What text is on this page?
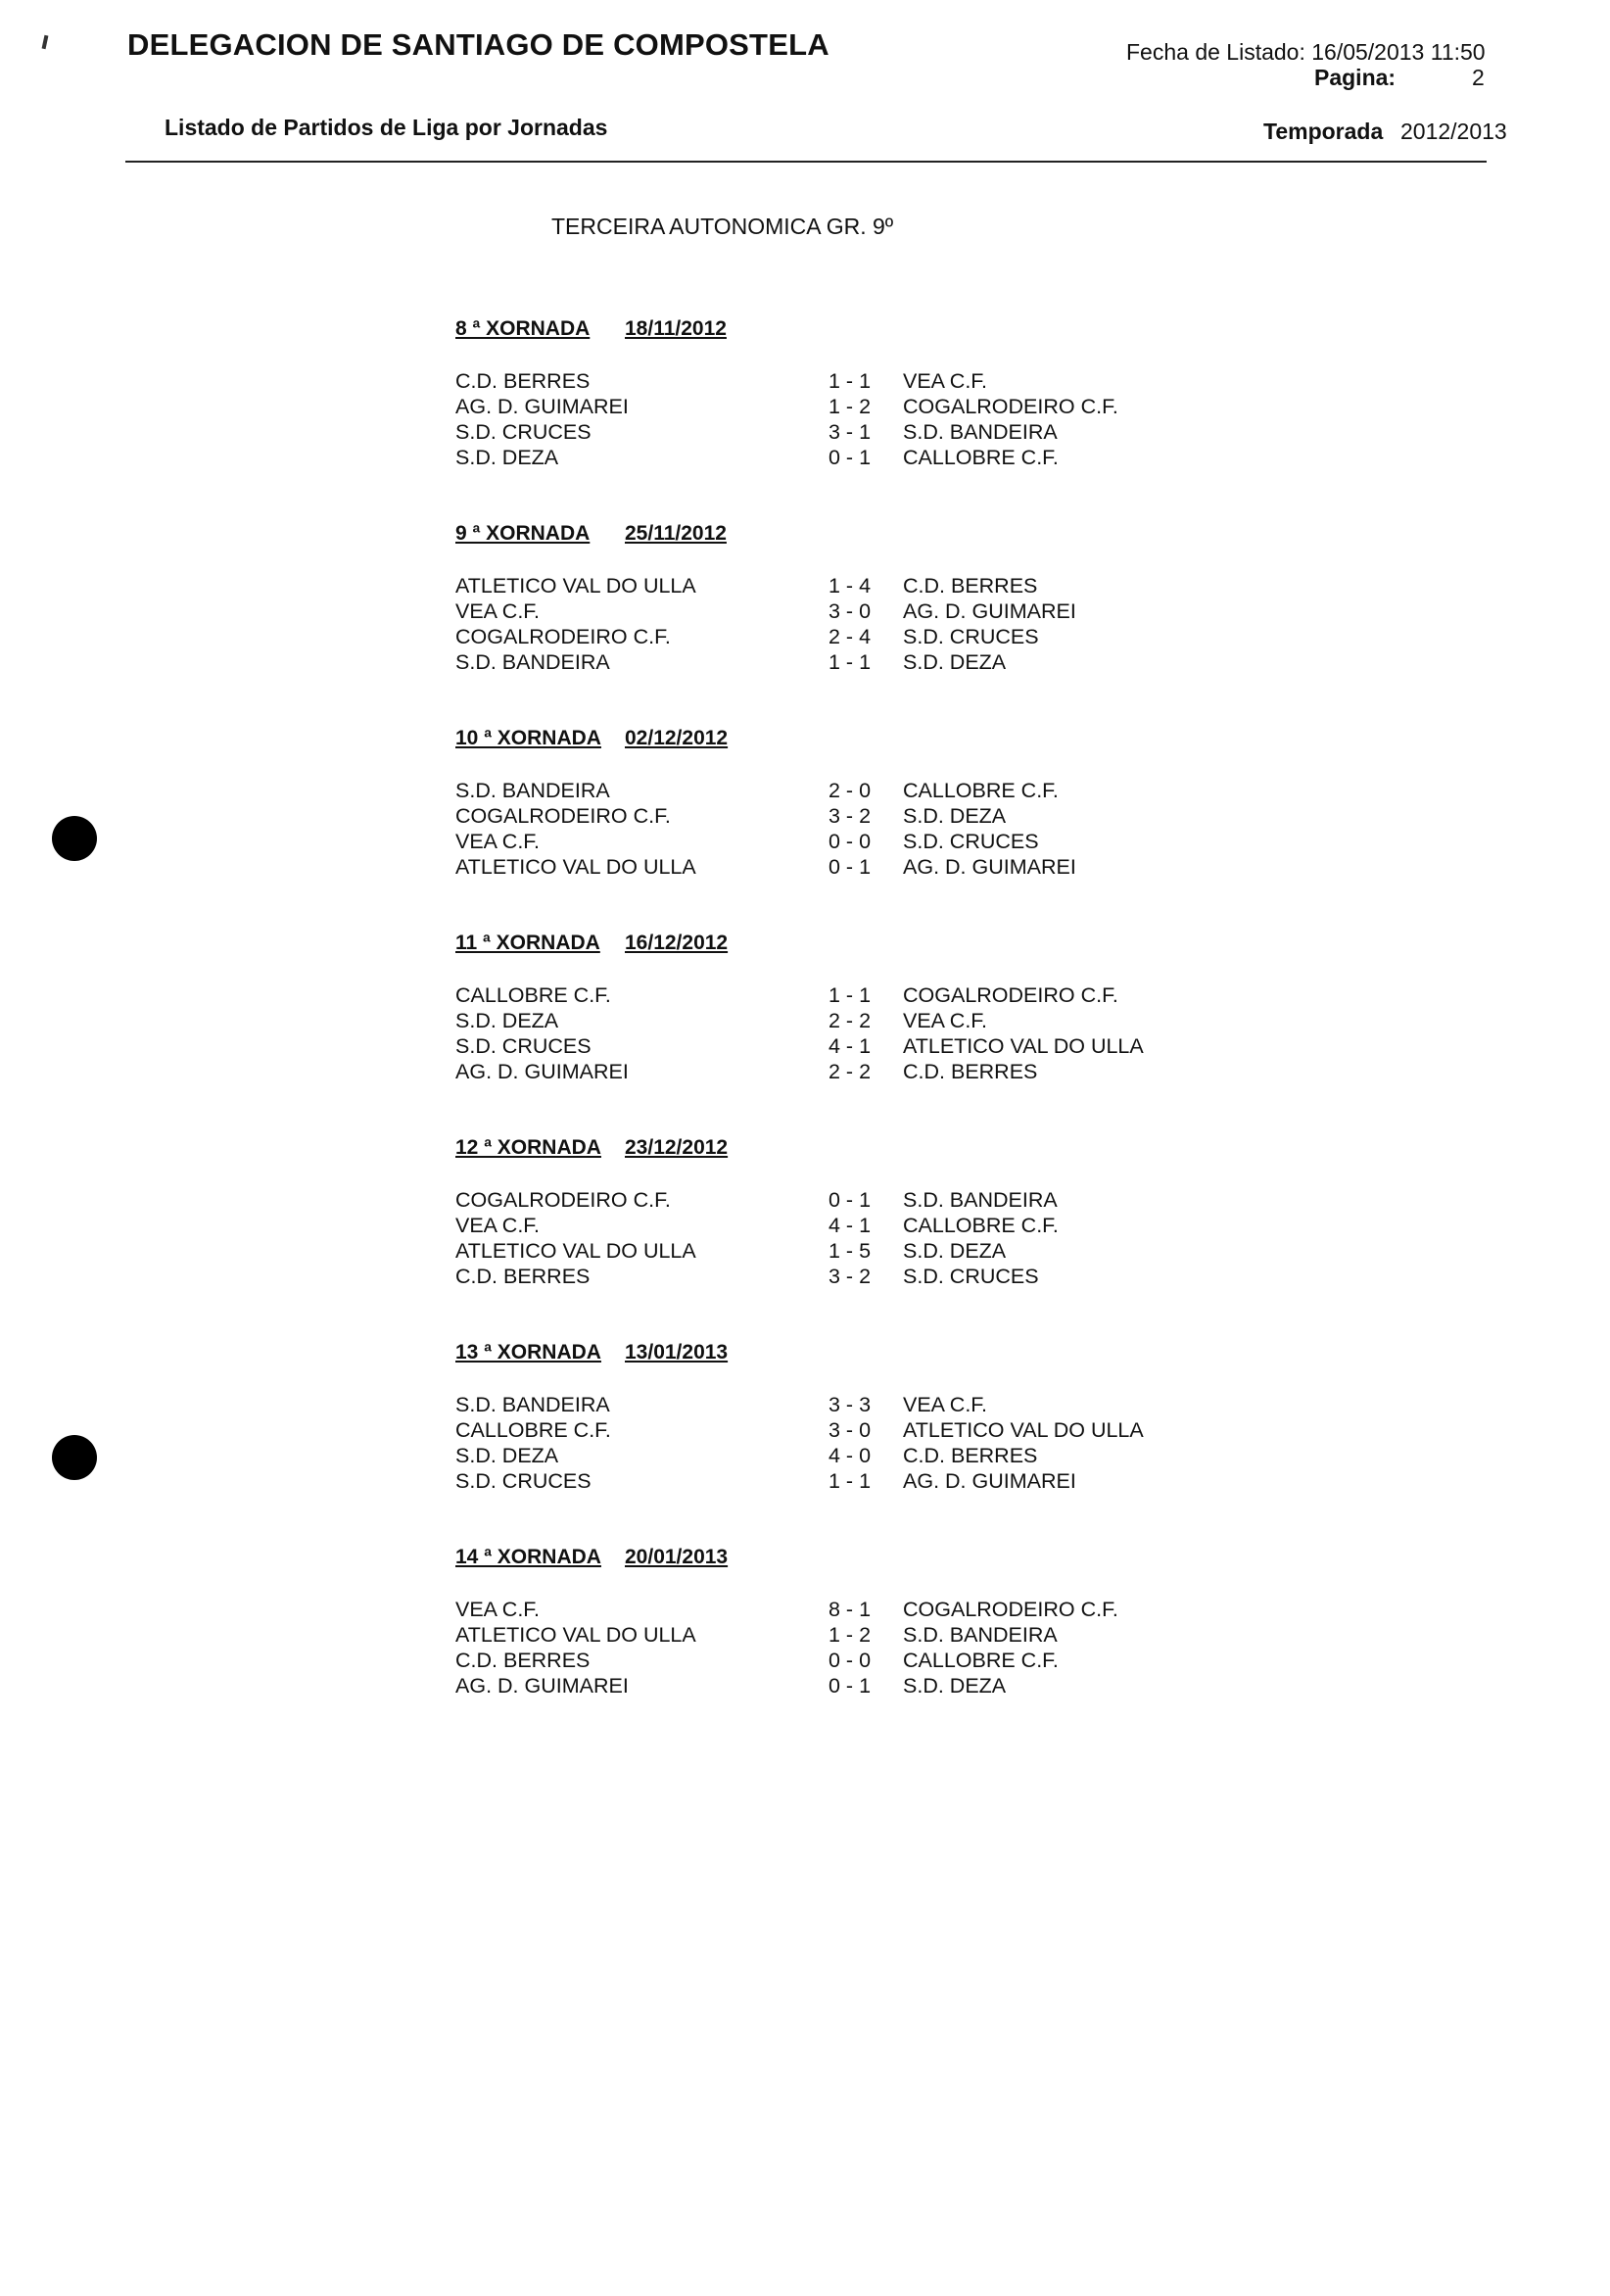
DELEGACION DE SANTIAGO DE COMPOSTELA	Fecha de Listado: 16/05/2013 11:50
Pagina:	2
Listado de Partidos de Liga por Jornadas	Temporada 2012/2013
TERCEIRA AUTONOMICA GR. 9º
8 ª XORNADA 18/11/2012
C.D. BERRES	1 - 1 VEA C.F.
AG. D. GUIMAREI	1 - 2 COGALRODEIRO C.F.
S.D. CRUCES	3 - 1 S.D. BANDEIRA
S.D. DEZA	0 - 1 CALLOBRE C.F.
9 ª XORNADA 25/11/2012
ATLETICO VAL DO ULLA	1 - 4 C.D. BERRES
VEA C.F.	3 - 0 AG. D. GUIMAREI
COGALRODEIRO C.F.	2 - 4 S.D. CRUCES
S.D. BANDEIRA	1 - 1 S.D. DEZA
10 ª XORNADA 02/12/2012
S.D. BANDEIRA	2 - 0 CALLOBRE C.F.
COGALRODEIRO C.F.	3 - 2 S.D. DEZA
VEA C.F.	0 - 0 S.D. CRUCES
ATLETICO VAL DO ULLA	0 - 1 AG. D. GUIMAREI
11 ª XORNADA 16/12/2012
CALLOBRE C.F.	1 - 1 COGALRODEIRO C.F.
S.D. DEZA	2 - 2 VEA C.F.
S.D. CRUCES	4 - 1 ATLETICO VAL DO ULLA
AG. D. GUIMAREI	2 - 2 C.D. BERRES
12 ª XORNADA 23/12/2012
COGALRODEIRO C.F.	0 - 1 S.D. BANDEIRA
VEA C.F.	4 - 1 CALLOBRE C.F.
ATLETICO VAL DO ULLA	1 - 5 S.D. DEZA
C.D. BERRES	3 - 2 S.D. CRUCES
13 ª XORNADA 13/01/2013
S.D. BANDEIRA	3 - 3 VEA C.F.
CALLOBRE C.F.	3 - 0 ATLETICO VAL DO ULLA
S.D. DEZA	4 - 0 C.D. BERRES
S.D. CRUCES	1 - 1 AG. D. GUIMAREI
14 ª XORNADA 20/01/2013
VEA C.F.	8 - 1 COGALRODEIRO C.F.
ATLETICO VAL DO ULLA	1 - 2 S.D. BANDEIRA
C.D. BERRES	0 - 0 CALLOBRE C.F.
AG. D. GUIMAREI	0 - 1 S.D. DEZA
